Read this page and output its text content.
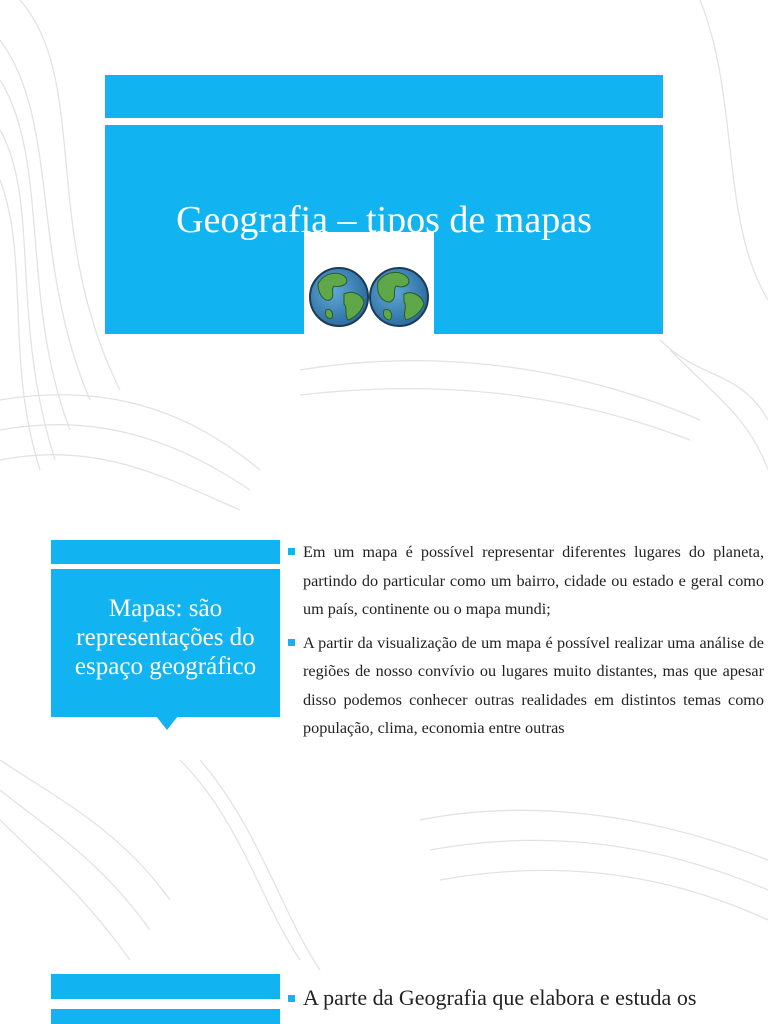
Geografia – tipos de mapas
Mapas: são representações do espaço geográfico
Em um mapa é possível representar diferentes lugares do planeta, partindo do particular como um bairro, cidade ou estado e geral como um país, continente ou o mapa mundi;
A partir da visualização de um mapa é possível realizar uma análise de regiões de nosso convívio ou lugares muito distantes, mas que apesar disso podemos conhecer outras realidades em distintos temas como população, clima, economia entre outras
A parte da Geografia que elabora e estuda os
